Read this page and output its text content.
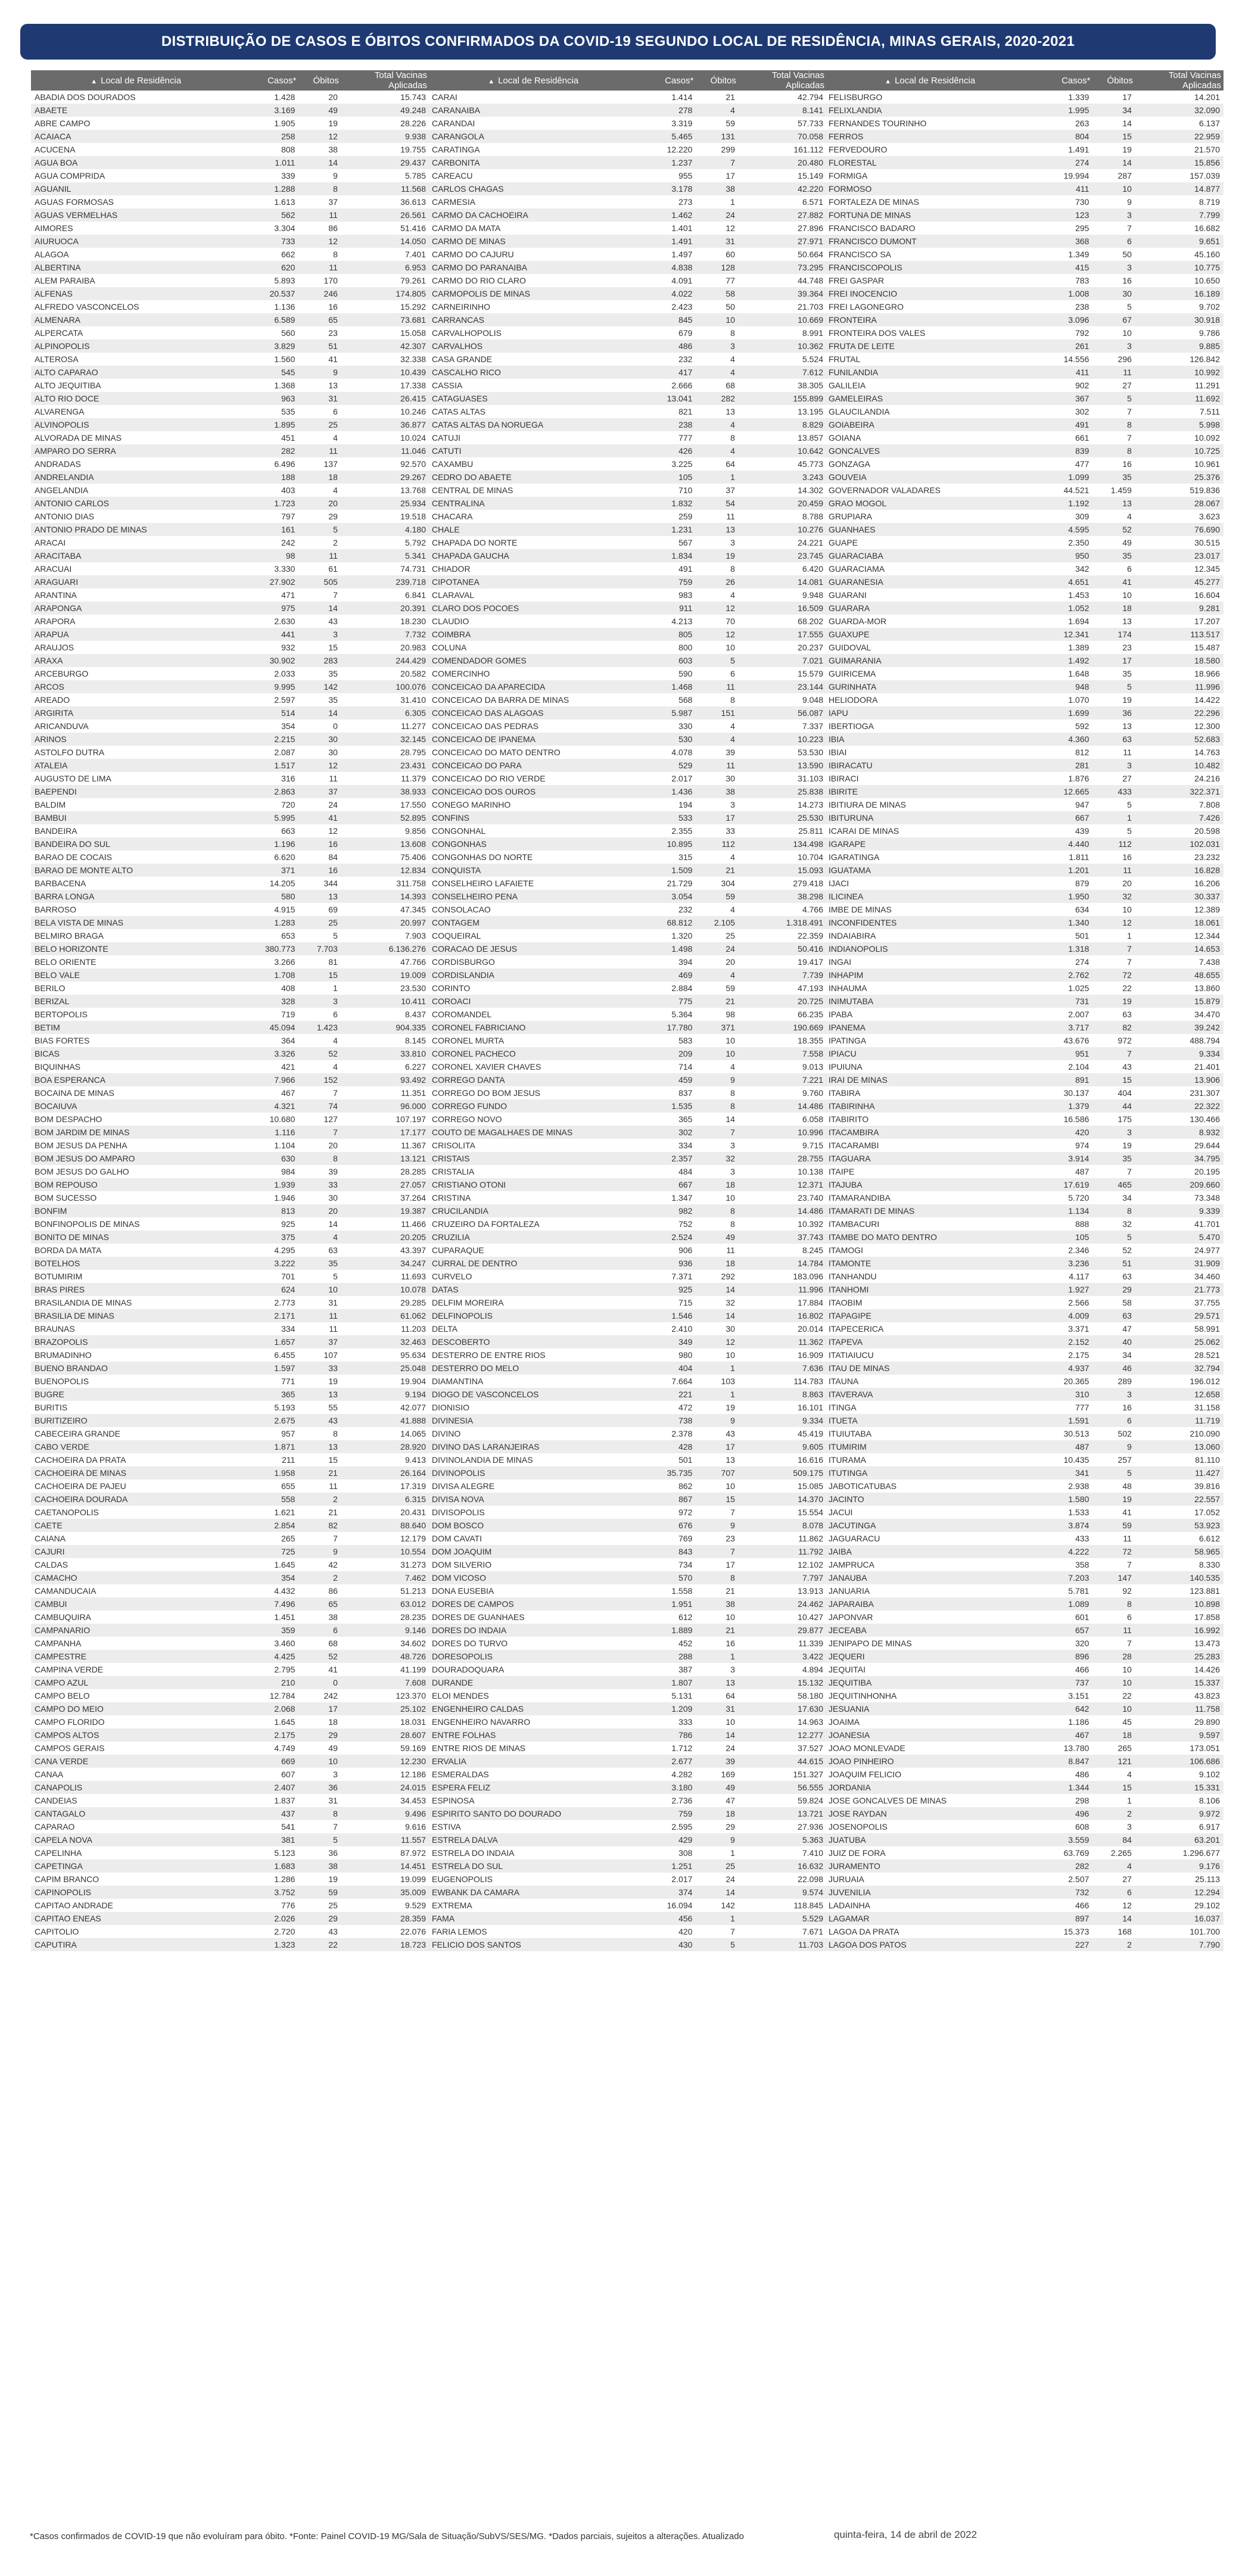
DISTRIBUIÇÃO DE CASOS E ÓBITOS CONFIRMADOS DA COVID-19 SEGUNDO LOCAL DE RESIDÊNCIA, MINAS GERAIS, 2020-2021
▲ Local de Residência	Casos*	Óbitos	Total Vacinas Aplicadas
ABADIA DOS DOURADOS	1.428	20	15.743
ABAETE	3.169	49	49.248
ABRE CAMPO	1.905	19	28.226
ACAIACA	258	12	9.938
ACUCENA	808	38	19.755
AGUA BOA	1.011	14	29.437
AGUA COMPRIDA	339	9	5.785
AGUANIL	1.288	8	11.568
AGUAS FORMOSAS	1.613	37	36.613
AGUAS VERMELHAS	562	11	26.561
AIMORES	3.304	86	51.416
AIURUOCA	733	12	14.050
ALAGOA	662	8	7.401
ALBERTINA	620	11	6.953
ALEM PARAIBA	5.893	170	79.261
ALFENAS	20.537	246	174.805
ALFREDO VASCONCELOS	1.136	16	15.292
ALMENARA	6.589	65	73.681
ALPERCATA	560	23	15.058
ALPINOPOLIS	3.829	51	42.307
ALTEROSA	1.560	41	32.338
ALTO CAPARAO	545	9	10.439
ALTO JEQUITIBA	1.368	13	17.338
ALTO RIO DOCE	963	31	26.415
ALVARENGA	535	6	10.246
ALVINOPOLIS	1.895	25	36.877
ALVORADA DE MINAS	451	4	10.024
AMPARO DO SERRA	282	11	11.046
ANDRADAS	6.496	137	92.570
ANDRELANDIA	188	18	29.267
ANGELANDIA	403	4	13.768
ANTONIO CARLOS	1.723	20	25.934
ANTONIO DIAS	797	29	19.518
ANTONIO PRADO DE MINAS	161	5	4.180
ARACAI	242	2	5.792
ARACITABA	98	11	5.341
ARACUAI	3.330	61	74.731
ARAGUARI	27.902	505	239.718
ARANTINA	471	7	6.841
ARAPONGA	975	14	20.391
ARAPORA	2.630	43	18.230
ARAPUA	441	3	7.732
ARAUJOS	932	15	20.983
ARAXA	30.902	283	244.429
ARCEBURGO	2.033	35	20.582
ARCOS	9.995	142	100.076
AREADO	2.597	35	31.410
ARGIRITA	514	14	6.305
ARICANDUVA	354	0	11.277
ARINOS	2.215	30	32.145
ASTOLFO DUTRA	2.087	30	28.795
ATALEIA	1.517	12	23.431
AUGUSTO DE LIMA	316	11	11.379
BAEPENDI	2.863	37	38.933
BALDIM	720	24	17.550
BAMBUI	5.995	41	52.895
BANDEIRA	663	12	9.856
BANDEIRA DO SUL	1.196	16	13.608
BARAO DE COCAIS	6.620	84	75.406
BARAO DE MONTE ALTO	371	16	12.834
BARBACENA	14.205	344	311.758
BARRA LONGA	580	13	14.393
BARROSO	4.915	69	47.345
BELA VISTA DE MINAS	1.283	25	20.997
BELMIRO BRAGA	653	5	7.903
BELO HORIZONTE	380.773	7.703	6.136.276
BELO ORIENTE	3.266	81	47.766
BELO VALE	1.708	15	19.009
BERILO	408	1	23.530
BERIZAL	328	3	10.411
BERTOPOLIS	719	6	8.437
BETIM	45.094	1.423	904.335
BIAS FORTES	364	4	8.145
BICAS	3.326	52	33.810
BIQUINHAS	421	4	6.227
BOA ESPERANCA	7.966	152	93.492
BOCAINA DE MINAS	467	7	11.351
BOCAIUVA	4.321	74	96.000
BOM DESPACHO	10.680	127	107.197
BOM JARDIM DE MINAS	1.116	7	17.177
BOM JESUS DA PENHA	1.104	20	11.367
BOM JESUS DO AMPARO	630	8	13.121
BOM JESUS DO GALHO	984	39	28.285
BOM REPOUSO	1.939	33	27.057
BOM SUCESSO	1.946	30	37.264
BONFIM	813	20	19.387
BONFINOPOLIS DE MINAS	925	14	11.466
BONITO DE MINAS	375	4	20.205
BORDA DA MATA	4.295	63	43.397
BOTELHOS	3.222	35	34.247
BOTUMIRIM	701	5	11.693
BRAS PIRES	624	10	10.078
BRASILANDIA DE MINAS	2.773	31	29.285
BRASILIA DE MINAS	2.171	11	61.062
BRAUNAS	334	11	11.203
BRAZOPOLIS	1.657	37	32.463
BRUMADINHO	6.455	107	95.634
BUENO BRANDAO	1.597	33	25.048
BUENOPOLIS	771	19	19.904
BUGRE	365	13	9.194
BURITIS	5.193	55	42.077
BURITIZEIRO	2.675	43	41.888
CABECEIRA GRANDE	957	8	14.065
CABO VERDE	1.871	13	28.920
CACHOEIRA DA PRATA	211	15	9.413
CACHOEIRA DE MINAS	1.958	21	26.164
CACHOEIRA DE PAJEU	655	11	17.319
CACHOEIRA DOURADA	558	2	6.315
CAETANOPOLIS	1.621	21	20.431
CAETE	2.854	82	88.640
CAIANA	265	7	12.179
CAJURI	725	9	10.554
CALDAS	1.645	42	31.273
CAMACHO	354	2	7.462
CAMANDUCAIA	4.432	86	51.213
CAMBUI	7.496	65	63.012
CAMBUQUIRA	1.451	38	28.235
CAMPANARIO	359	6	9.146
CAMPANHA	3.460	68	34.602
CAMPESTRE	4.425	52	48.726
CAMPINA VERDE	2.795	41	41.199
CAMPO AZUL	210	0	7.608
CAMPO BELO	12.784	242	123.370
CAMPO DO MEIO	2.068	17	25.102
CAMPO FLORIDO	1.645	18	18.031
CAMPOS ALTOS	2.175	29	28.607
CAMPOS GERAIS	4.749	49	59.169
CANA VERDE	669	10	12.230
CANAA	607	3	12.186
CANAPOLIS	2.407	36	24.015
CANDEIAS	1.837	31	34.453
CANTAGALO	437	8	9.496
CAPARAO	541	7	9.616
CAPELA NOVA	381	5	11.557
CAPELINHA	5.123	36	87.972
CAPETINGA	1.683	38	14.451
CAPIM BRANCO	1.286	19	19.099
CAPINOPOLIS	3.752	59	35.009
CAPITAO ANDRADE	776	25	9.529
CAPITAO ENEAS	2.026	29	28.359
CAPITOLIO	2.720	43	22.076
CAPUTIRA	1.323	22	18.723
▲ Local de Residência	Casos*	Óbitos	Total Vacinas Aplicadas
CARAI	1.414	21	42.794
CARANAIBA	278	4	8.141
CARANDAI	3.319	59	57.733
CARANGOLA	5.465	131	70.058
CARATINGA	12.220	299	161.112
CARBONITA	1.237	7	20.480
CAREACU	955	17	15.149
CARLOS CHAGAS	3.178	38	42.220
CARMESIA	273	1	6.571
CARMO DA CACHOEIRA	1.462	24	27.882
CARMO DA MATA	1.401	12	27.896
CARMO DE MINAS	1.491	31	27.971
CARMO DO CAJURU	1.497	60	50.664
CARMO DO PARANAIBA	4.838	128	73.295
CARMO DO RIO CLARO	4.091	77	44.748
CARMOPOLIS DE MINAS	4.022	58	39.364
CARNEIRINHO	2.423	50	21.703
CARRANCAS	845	10	10.669
CARVALHOPOLIS	679	8	8.991
CARVALHOS	486	3	10.362
CASA GRANDE	232	4	5.524
CASCALHO RICO	417	4	7.612
CASSIA	2.666	68	38.305
CATAGUASES	13.041	282	155.899
CATAS ALTAS	821	13	13.195
CATAS ALTAS DA NORUEGA	238	4	8.829
CATUJI	777	8	13.857
CATUTI	426	4	10.642
CAXAMBU	3.225	64	45.773
CEDRO DO ABAETE	105	1	3.243
CENTRAL DE MINAS	710	37	14.302
CENTRALINA	1.832	54	20.459
CHACARA	259	11	8.788
CHALE	1.231	13	10.276
CHAPADA DO NORTE	567	3	24.221
CHAPADA GAUCHA	1.834	19	23.745
CHIADOR	491	8	6.420
CIPOTANEA	759	26	14.081
CLARAVAL	983	4	9.948
CLARO DOS POCOES	911	12	16.509
CLAUDIO	4.213	70	68.202
COIMBRA	805	12	17.555
COLUNA	800	10	20.237
COMENDADOR GOMES	603	5	7.021
COMERCINHO	590	6	15.579
CONCEICAO DA APARECIDA	1.468	11	23.144
CONCEICAO DA BARRA DE MINAS	568	8	9.048
CONCEICAO DAS ALAGOAS	5.987	151	56.087
CONCEICAO DAS PEDRAS	330	4	7.337
CONCEICAO DE IPANEMA	530	4	10.223
CONCEICAO DO MATO DENTRO	4.078	39	53.530
CONCEICAO DO PARA	529	11	13.590
CONCEICAO DO RIO VERDE	2.017	30	31.103
CONCEICAO DOS OUROS	1.436	38	25.838
CONEGO MARINHO	194	3	14.273
CONFINS	533	17	25.530
CONGONHAL	2.355	33	25.811
CONGONHAS	10.895	112	134.498
CONGONHAS DO NORTE	315	4	10.704
CONQUISTA	1.509	21	15.093
CONSELHEIRO LAFAIETE	21.729	304	279.418
CONSELHEIRO PENA	3.054	59	38.298
CONSOLACAO	232	4	4.766
CONTAGEM	68.812	2.105	1.318.491
COQUEIRAL	1.320	25	22.359
CORACAO DE JESUS	1.498	24	50.416
CORDISBURGO	394	20	19.417
CORDISLANDIA	469	4	7.739
CORINTO	2.884	59	47.193
COROACI	775	21	20.725
COROMANDEL	5.364	98	66.235
CORONEL FABRICIANO	17.780	371	190.669
CORONEL MURTA	583	10	18.355
CORONEL PACHECO	209	10	7.558
CORONEL XAVIER CHAVES	714	4	9.013
CORREGO DANTA	459	9	7.221
CORREGO DO BOM JESUS	837	8	9.760
CORREGO FUNDO	1.535	8	14.486
CORREGO NOVO	365	14	6.058
COUTO DE MAGALHAES DE MINAS	302	7	10.996
CRISOLITA	334	3	9.715
CRISTAIS	2.357	32	28.755
CRISTALIA	484	3	10.138
CRISTIANO OTONI	667	18	12.371
CRISTINA	1.347	10	23.740
CRUCILANDIA	982	8	14.486
CRUZEIRO DA FORTALEZA	752	8	10.392
CRUZILIA	2.524	49	37.743
CUPARAQUE	906	11	8.245
CURRAL DE DENTRO	936	18	14.784
CURVELO	7.371	292	183.096
DATAS	925	14	11.996
DELFIM MOREIRA	715	32	17.884
DELFINOPOLIS	1.546	14	16.802
DELTA	2.410	30	20.014
DESCOBERTO	349	12	11.362
DESTERRO DE ENTRE RIOS	980	10	16.909
DESTERRO DO MELO	404	1	7.636
DIAMANTINA	7.664	103	114.783
DIOGO DE VASCONCELOS	221	1	8.863
DIONISIO	472	19	16.101
DIVINESIA	738	9	9.334
DIVINO	2.378	43	45.419
DIVINO DAS LARANJEIRAS	428	17	9.605
DIVINOLANDIA DE MINAS	501	13	16.616
DIVINOPOLIS	35.735	707	509.175
DIVISA ALEGRE	862	10	15.085
DIVISA NOVA	867	15	14.370
DIVISOPOLIS	972	7	15.554
DOM BOSCO	676	9	8.078
DOM CAVATI	769	23	11.862
DOM JOAQUIM	843	7	11.792
DOM SILVERIO	734	17	12.102
DOM VICOSO	570	8	7.797
DONA EUSEBIA	1.558	21	13.913
DORES DE CAMPOS	1.951	38	24.462
DORES DE GUANHAES	612	10	10.427
DORES DO INDAIA	1.889	21	29.877
DORES DO TURVO	452	16	11.339
DORESOPOLIS	288	1	3.422
DOURADOQUARA	387	3	4.894
DURANDE	1.807	13	15.132
ELOI MENDES	5.131	64	58.180
ENGENHEIRO CALDAS	1.209	31	17.630
ENGENHEIRO NAVARRO	333	10	14.963
ENTRE FOLHAS	786	14	12.277
ENTRE RIOS DE MINAS	1.712	24	37.527
ERVALIA	2.677	39	44.615
ESMERALDAS	4.282	169	151.327
ESPERA FELIZ	3.180	49	56.555
ESPINOSA	2.736	47	59.824
ESPIRITO SANTO DO DOURADO	759	18	13.721
ESTIVA	2.595	29	27.936
ESTRELA DALVA	429	9	5.363
ESTRELA DO INDAIA	308	1	7.410
ESTRELA DO SUL	1.251	25	16.632
EUGENOPOLIS	2.017	24	22.098
EWBANK DA CAMARA	374	14	9.574
EXTREMA	16.094	142	118.845
FAMA	456	1	5.529
FARIA LEMOS	420	7	7.671
FELICIO DOS SANTOS	430	5	11.703
▲ Local de Residência	Casos*	Óbitos	Total Vacinas Aplicadas
FELISBURGO	1.339	17	14.201
FELIXLANDIA	1.995	34	32.090
FERNANDES TOURINHO	263	14	6.137
FERROS	804	15	22.959
FERVEDOURO	1.491	19	21.570
FLORESTAL	274	14	15.856
FORMIGA	19.994	287	157.039
FORMOSO	411	10	14.877
FORTALEZA DE MINAS	730	9	8.719
FORTUNA DE MINAS	123	3	7.799
FRANCISCO BADARO	295	7	16.682
FRANCISCO DUMONT	368	6	9.651
FRANCISCO SA	1.349	50	45.160
FRANCISCOPOLIS	415	3	10.775
FREI GASPAR	783	16	10.650
FREI INOCENCIO	1.008	30	16.189
FREI LAGONEGRO	238	5	9.702
FRONTEIRA	3.096	67	30.918
FRONTEIRA DOS VALES	792	10	9.786
FRUTA DE LEITE	261	3	9.885
FRUTAL	14.556	296	126.842
FUNILANDIA	411	11	10.992
GALILEIA	902	27	11.291
GAMELEIRAS	367	5	11.692
GLAUCILANDIA	302	7	7.511
GOIABEIRA	491	8	5.998
GOIANA	661	7	10.092
GONCALVES	839	8	10.725
GONZAGA	477	16	10.961
GOUVEIA	1.099	35	25.376
GOVERNADOR VALADARES	44.521	1.459	519.836
GRAO MOGOL	1.192	13	28.067
GRUPIARA	309	4	3.623
GUANHAES	4.595	52	76.690
GUAPE	2.350	49	30.515
GUARACIABA	950	35	23.017
GUARACIAMA	342	6	12.345
GUARANESIA	4.651	41	45.277
GUARANI	1.453	10	16.604
GUARARA	1.052	18	9.281
GUARDA-MOR	1.694	13	17.207
GUAXUPE	12.341	174	113.517
GUIDOVAL	1.389	23	15.487
GUIMARANIA	1.492	17	18.580
GUIRICEMA	1.648	35	18.966
GURINHATA	948	5	11.996
HELIODORA	1.070	19	14.422
IAPU	1.699	36	22.296
IBERTIOGA	592	13	12.300
IBIA	4.360	63	52.683
IBIAI	812	11	14.763
IBIRACATU	281	3	10.482
IBIRACI	1.876	27	24.216
IBIRITE	12.665	433	322.371
IBITIURA DE MINAS	947	5	7.808
IBITURUNA	667	1	7.426
ICARAI DE MINAS	439	5	20.598
IGARAPE	4.440	112	102.031
IGARATINGA	1.811	16	23.232
IGUATAMA	1.201	11	16.828
IJACI	879	20	16.206
ILICINEA	1.950	32	30.337
IMBE DE MINAS	634	10	12.389
INCONFIDENTES	1.340	12	18.061
INDAIABIRA	501	1	12.344
INDIANOPOLIS	1.318	7	14.653
INGAI	274	7	7.438
INHAPIM	2.762	72	48.655
INHAUMA	1.025	22	13.860
INIMUTABA	731	19	15.879
IPABA	2.007	63	34.470
IPANEMA	3.717	82	39.242
IPATINGA	43.676	972	488.794
IPIACU	951	7	9.334
IPUIUNA	2.104	43	21.401
IRAI DE MINAS	891	15	13.906
ITABIRA	30.137	404	231.307
ITABIRINHA	1.379	44	22.322
ITABIRITO	16.586	175	130.466
ITACAMBIRA	420	3	8.932
ITACARAMBI	974	19	29.644
ITAGUARA	3.914	35	34.795
ITAIPE	487	7	20.195
ITAJUBA	17.619	465	209.660
ITAMARANDIBA	5.720	34	73.348
ITAMARATI DE MINAS	1.134	8	9.339
ITAMBACURI	888	32	41.701
ITAMBE DO MATO DENTRO	105	5	5.470
ITAMOGI	2.346	52	24.977
ITAMONTE	3.236	51	31.909
ITANHANDU	4.117	63	34.460
ITANHOMI	1.927	29	21.773
ITAOBIM	2.566	58	37.755
ITAPAGIPE	4.009	63	29.571
ITAPECERICA	3.371	47	58.991
ITAPEVA	2.152	40	25.062
ITATIAIUCU	2.175	34	28.521
ITAU DE MINAS	4.937	46	32.794
ITAUNA	20.365	289	196.012
ITAVERAVA	310	3	12.658
ITINGA	777	16	31.158
ITUETA	1.591	6	11.719
ITUIUTABA	30.513	502	210.090
ITUMIRIM	487	9	13.060
ITURAMA	10.435	257	81.110
ITUTINGA	341	5	11.427
JABOTICATUBAS	2.938	48	39.816
JACINTO	1.580	19	22.557
JACUI	1.533	41	17.052
JACUTINGA	3.874	59	53.923
JAGUARACU	433	11	6.612
JAIBA	4.222	72	58.965
JAMPRUCA	358	7	8.330
JANAUBA	7.203	147	140.535
JANUARIA	5.781	92	123.881
JAPARAIBA	1.089	8	10.898
JAPONVAR	601	6	17.858
JECEABA	657	11	16.992
JENIPAPO DE MINAS	320	7	13.473
JEQUERI	896	28	25.283
JEQUITAI	466	10	14.426
JEQUITIBA	737	10	15.337
JEQUITINHONHA	3.151	22	43.823
JESUANIA	642	10	11.758
JOAIMA	1.186	45	29.890
JOANESIA	467	18	9.597
JOAO MONLEVADE	13.780	265	173.051
JOAO PINHEIRO	8.847	121	106.686
JOAQUIM FELICIO	486	4	9.102
JORDANIA	1.344	15	15.331
JOSE GONCALVES DE MINAS	298	1	8.106
JOSE RAYDAN	496	2	9.972
JOSENOPOLIS	608	3	6.917
JUATUBA	3.559	84	63.201
JUIZ DE FORA	63.769	2.265	1.296.677
JURAMENTO	282	4	9.176
JURUAIA	2.507	27	25.113
JUVENILIA	732	6	12.294
LADAINHA	466	12	29.102
LAGAMAR	897	14	16.037
LAGOA DA PRATA	15.373	168	101.700
LAGOA DOS PATOS	227	2	7.790
*Casos confirmados de COVID-19 que não evoluíram para óbito. *Fonte: Painel COVID-19 MG/Sala de Situação/SubVS/SES/MG. *Dados parciais, sujeitos a alterações. Atualizado	quinta-feira, 14 de abril de 2022
